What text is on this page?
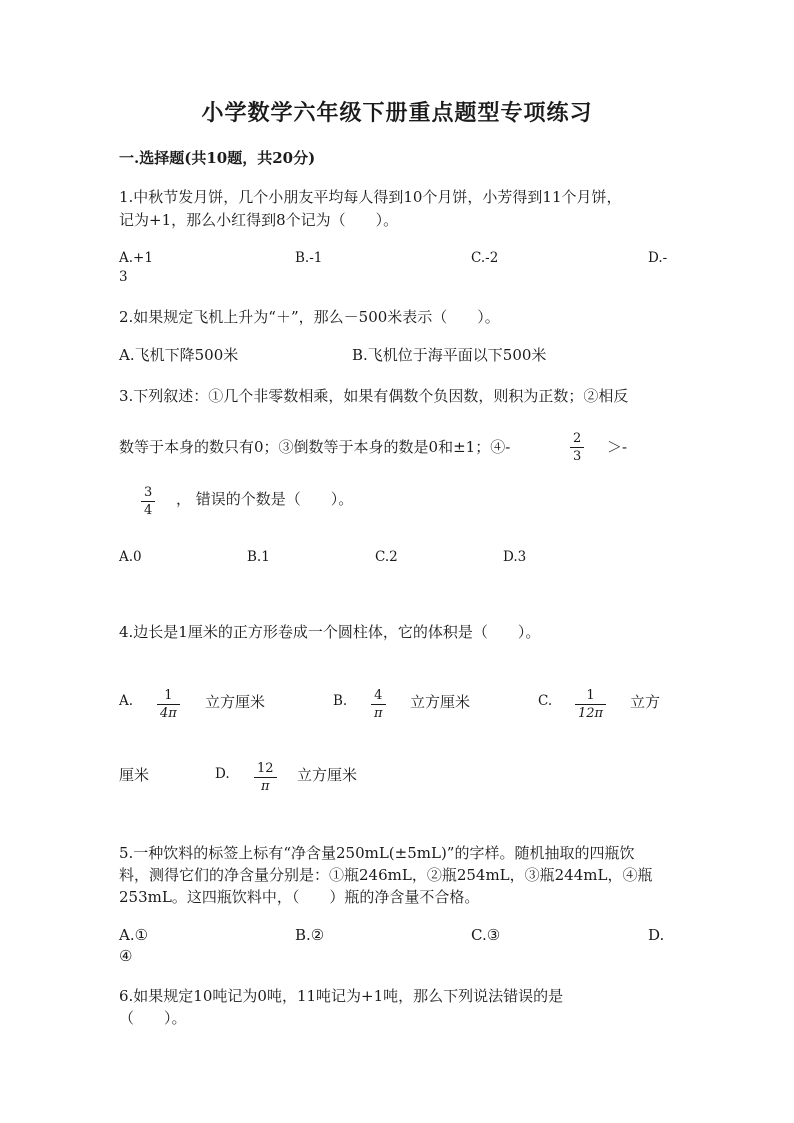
小学数学六年级下册重点题型专项练习
一.选择题(共10题，共20分)
1.中秋节发月饼，几个小朋友平均每人得到10个月饼，小芳得到11个月饼，
记为+1，那么小红得到8个记为（　　）。
A.+1	B.-1	C.-2	D.-
3
2.如果规定飞机上升为“＋”，那么－500米表示（　　）。
A.飞机下降500米	B.飞机位于海平面以下500米
3.下列叙述：①几个非零数相乘，如果有偶数个负因数，则积为正数；②相反
数等于本身的数只有0；③倒数等于本身的数是0和±1；④-	2
3
＞-
3
4
， 错误的个数是（　　）。
A.0	B.1	C.2	D.3
4.边长是1厘米的正方形卷成一个圆柱体，它的体积是（　　）。
A. 1
4π
立方厘米	B. 4
π
立方厘米	C.	1
12π
立方
厘米	D. 12
π
立方厘米
5.一种饮料的标签上标有“净含量250mL(±5mL)”的字样。随机抽取的四瓶饮
料，测得它们的净含量分别是：①瓶246mL，②瓶254mL，③瓶244mL，④瓶
253mL。这四瓶饮料中，（　　）瓶的净含量不合格。
A.①	B.②	C.③	D.
④
6.如果规定10吨记为0吨，11吨记为+1吨，那么下列说法错误的是
（　　）。
